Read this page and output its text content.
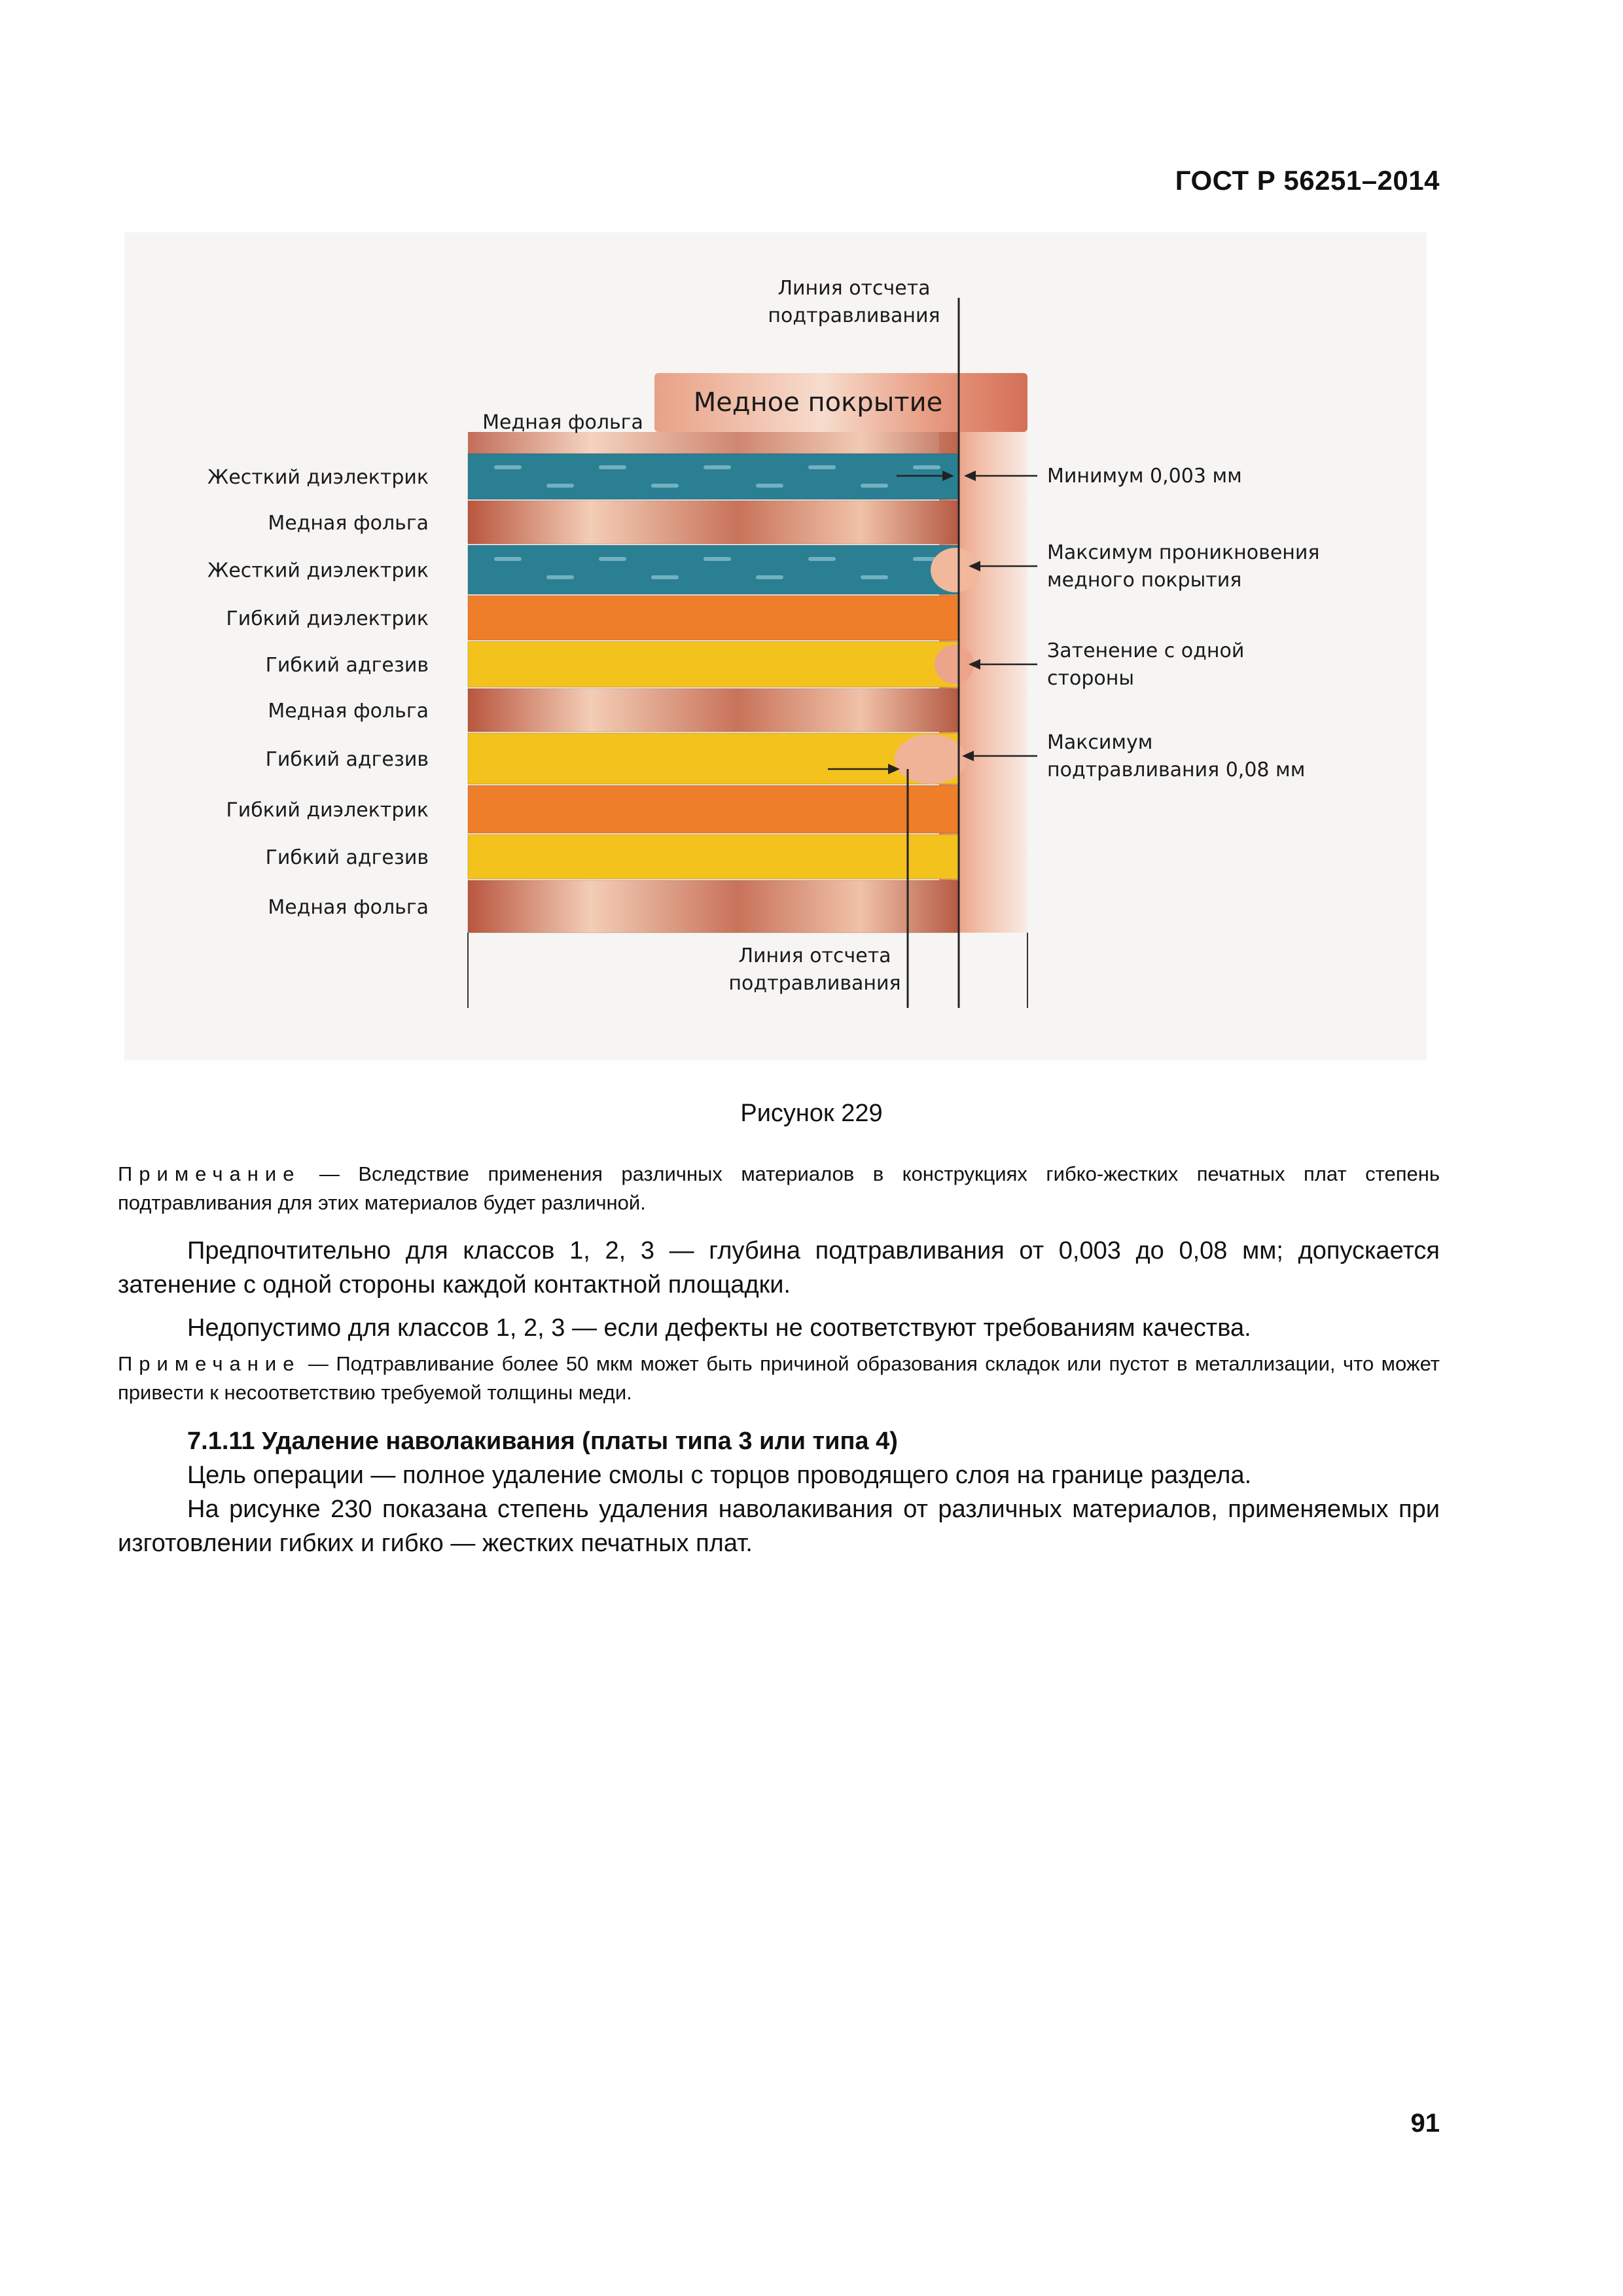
ГОСТ Р 56251–2014
Жесткий диэлектрик
Медная фольга
Жесткий диэлектрик
Гибкий диэлектрик
Гибкий адгезив
Медная фольга
Гибкий адгезив
Гибкий диэлектрик
Гибкий адгезив
Медная фольга
Линия отсчета
подтравливания
Линия отсчета
подтравливания
Медное покрытие
Медная фольга
Минимум 0,003 мм
Максимум проникновения
медного покрытия
Затенение с одной
стороны
Максимум
подтравливания 0,08 мм
Рисунок 229
Примечание — Вследствие применения различных материалов в конструкциях гибко-жестких печатных плат степень подтравливания для этих материалов будет различной.
Предпочтительно для классов 1, 2, 3 — глубина подтравливания от 0,003 до 0,08 мм; допускается затенение с одной стороны каждой контактной площадки.
Недопустимо для классов 1, 2, 3 — если дефекты не соответствуют требованиям качества.
Примечание — Подтравливание более 50 мкм может быть причиной образования складок или пустот в металлизации, что может привести к несоответствию требуемой толщины меди.
7.1.11 Удаление наволакивания (платы типа 3 или типа 4)
Цель операции — полное удаление смолы с торцов проводящего слоя на границе раздела.
На рисунке 230 показана степень удаления наволакивания от различных материалов, применяемых при изготовлении гибких и гибко — жестких печатных плат.
91
